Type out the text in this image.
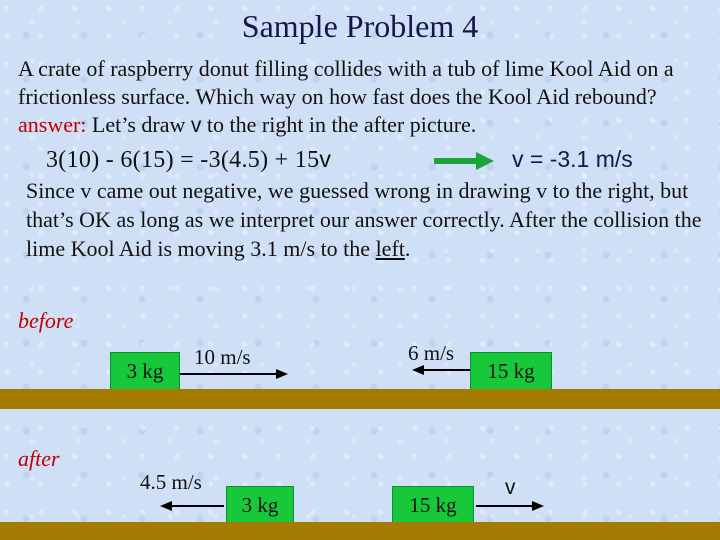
Sample Problem 4
A crate of raspberry donut filling collides with a tub of lime Kool Aid on a frictionless surface. Which way on how fast does the Kool Aid rebound? answer: Let’s draw v to the right in the after picture.
3(10) - 6(15) = -3(4.5) + 15v	v = -3.1 m/s
Since v came out negative, we guessed wrong in drawing v to the right, but that’s OK as long as we interpret our answer correctly. After the collision the lime Kool Aid is moving 3.1 m/s to the left.
before
3 kg
10 m/s	6 m/s
15 kg
after
4.5 m/s
3 kg	15 kg
v
